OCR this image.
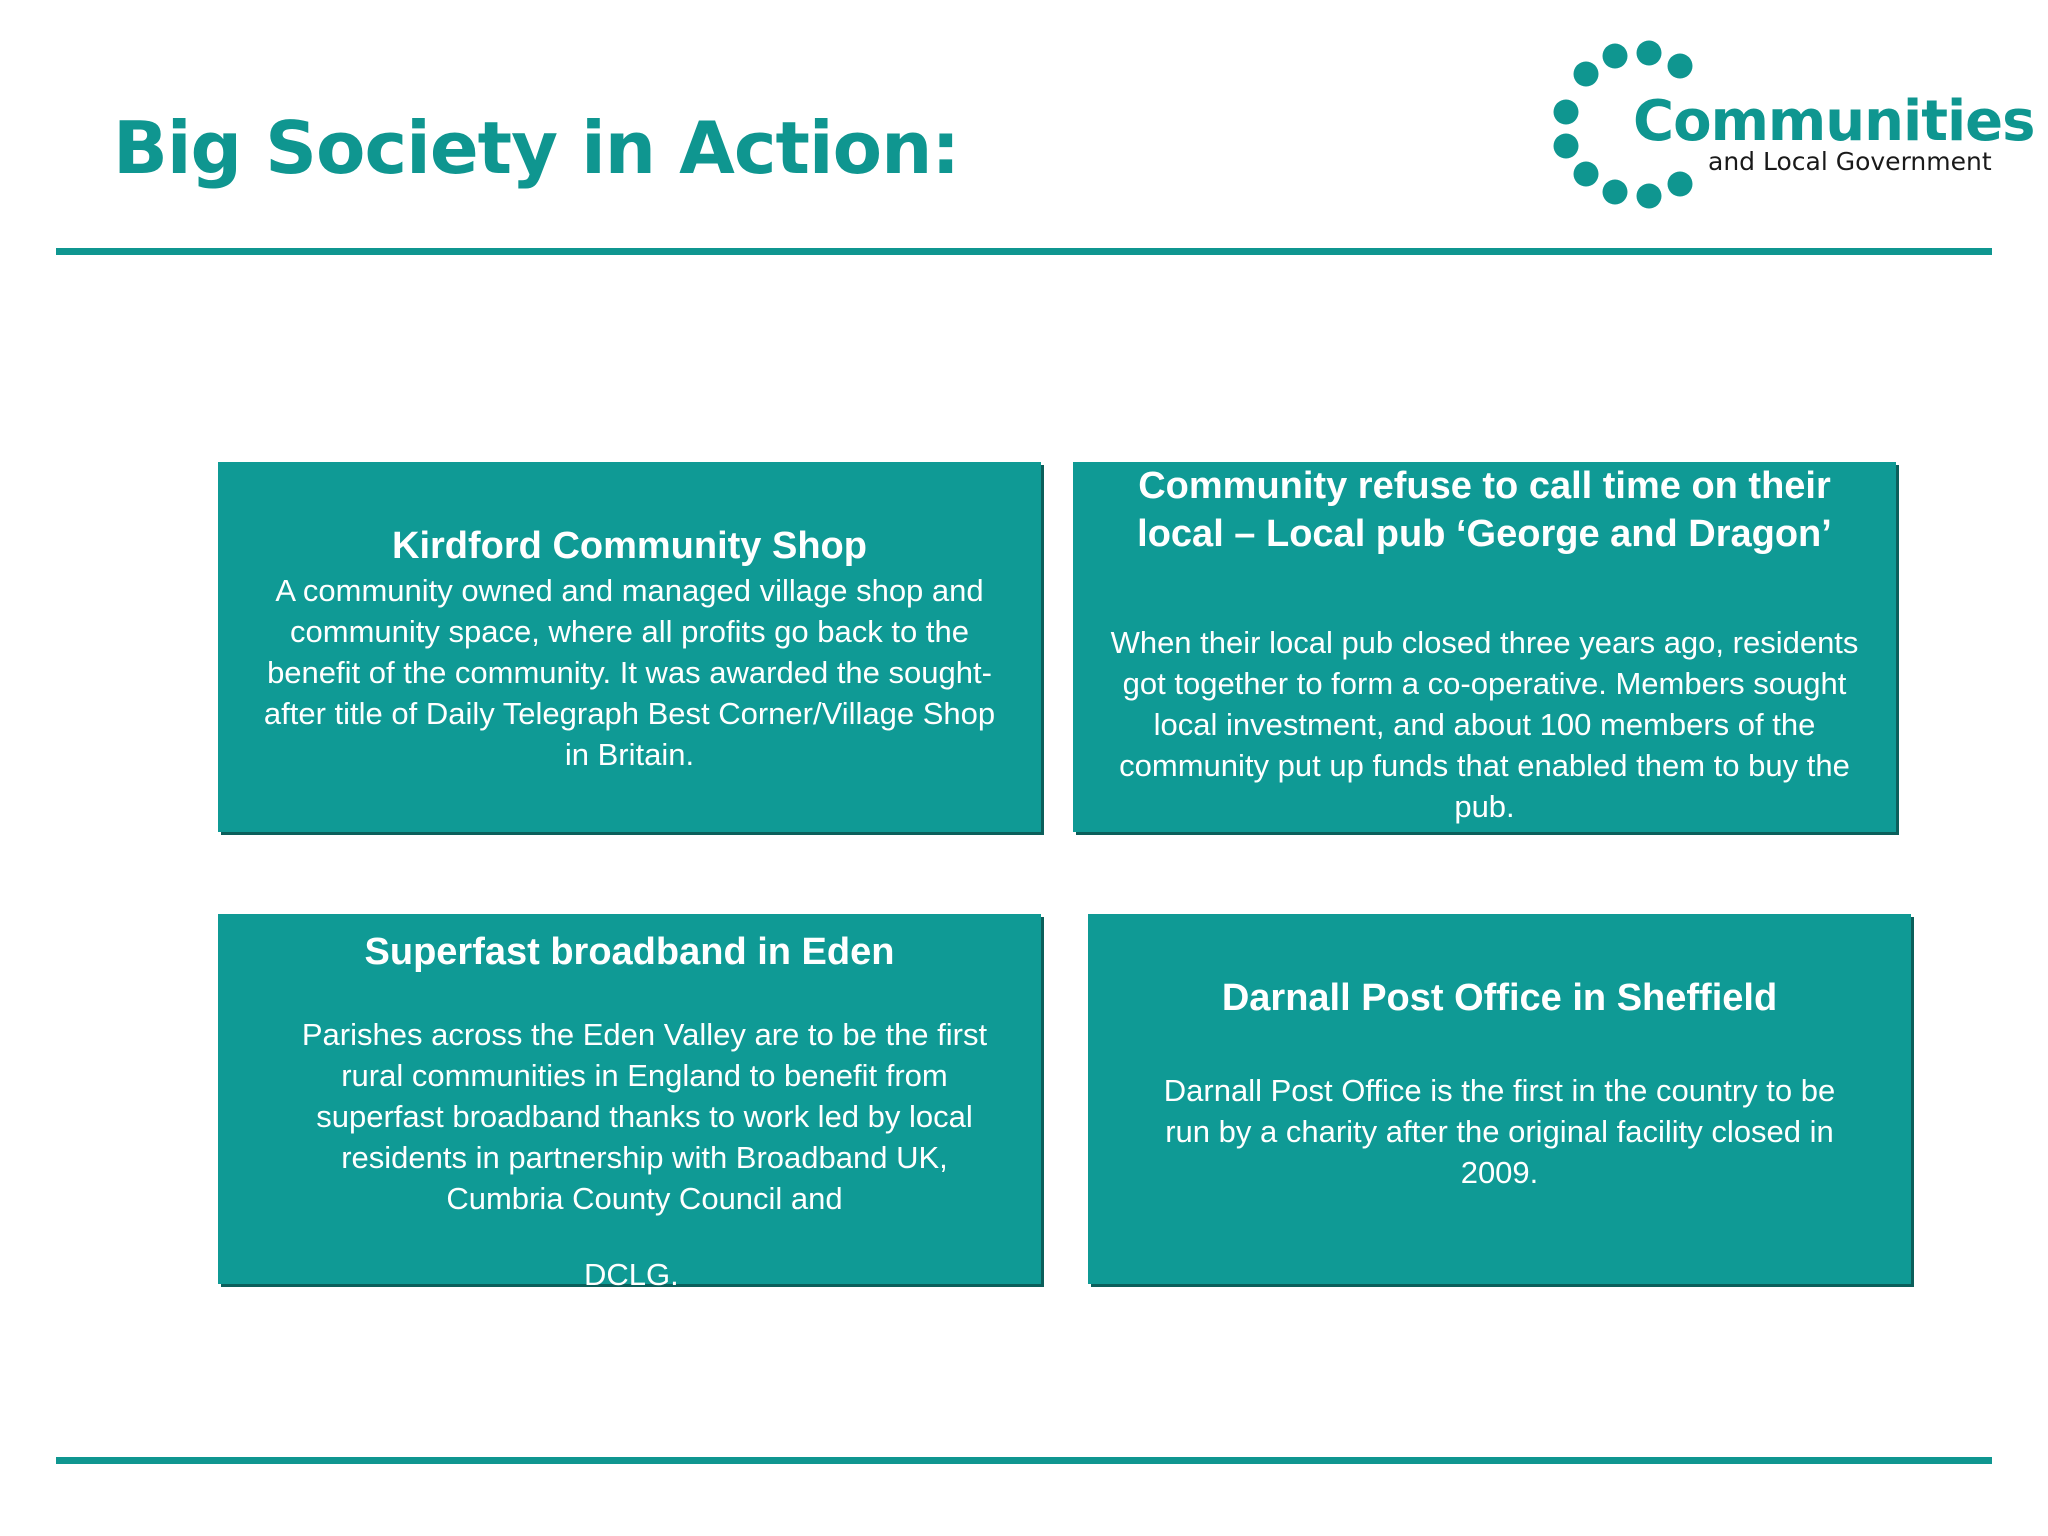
Big Society in Action:	Communities
and Local Government
Kirdford Community Shop
A community owned and managed village shop and community space, where all profits go back to the benefit of the community. It was awarded the sought-after title of Daily Telegraph Best Corner/Village Shop in Britain.
Community refuse to call time on their local – Local pub ‘George and Dragon’
When their local pub closed three years ago, residents got together to form a co-operative. Members sought local investment, and about 100 members of the community put up funds that enabled them to buy the pub.
Superfast broadband in Eden
Parishes across the Eden Valley are to be the first rural communities in England to benefit from superfast broadband thanks to work led by local residents in partnership with Broadband UK, Cumbria County Council and
DCLG.
Darnall Post Office in Sheffield
Darnall Post Office is the first in the country to be run by a charity after the original facility closed in 2009.
